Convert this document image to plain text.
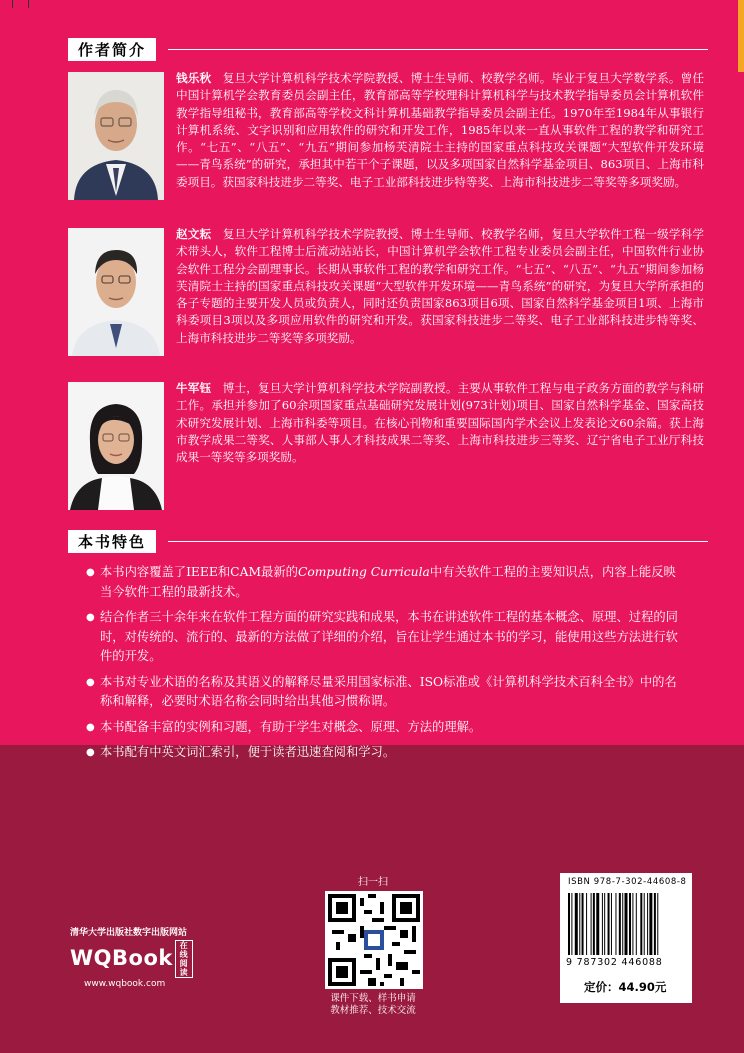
作者简介
钱乐秋 复旦大学计算机科学技术学院教授、博士生导师、校教学名师。毕业于复旦大学数学系。曾任中国计算机学会教育委员会副主任，教育部高等学校理科计算机科学与技术教学指导委员会计算机软件教学指导组秘书，教育部高等学校文科计算机基础教学指导委员会副主任。1970年至1984年从事银行计算机系统、文字识别和应用软件的研究和开发工作，1985年以来一直从事软件工程的教学和研究工作。“七五”、“八五”、“九五”期间参加杨芙清院士主持的国家重点科技攻关课题“大型软件开发环境——青鸟系统”的研究，承担其中若干个子课题，以及多项国家自然科学基金项目、863项目、上海市科委项目。获国家科技进步二等奖、电子工业部科技进步特等奖、上海市科技进步二等奖等多项奖励。
赵文耘 复旦大学计算机科学技术学院教授、博士生导师、校教学名师，复旦大学软件工程一级学科学术带头人，软件工程博士后流动站站长，中国计算机学会软件工程专业委员会副主任，中国软件行业协会软件工程分会副理事长。长期从事软件工程的教学和研究工作。“七五”、“八五”、“九五”期间参加杨芙清院士主持的国家重点科技攻关课题“大型软件开发环境——青鸟系统”的研究，为复旦大学所承担的各子专题的主要开发人员或负责人，同时还负责国家863项目6项、国家自然科学基金项目1项、上海市科委项目3项以及多项应用软件的研究和开发。获国家科技进步二等奖、电子工业部科技进步特等奖、上海市科技进步二等奖等多项奖励。
牛军钰 博士，复旦大学计算机科学技术学院副教授。主要从事软件工程与电子政务方面的教学与科研工作。承担并参加了60余项国家重点基础研究发展计划(973计划)项目、国家自然科学基金、国家高技术研究发展计划、上海市科委等项目。在核心刊物和重要国际国内学术会议上发表论文60余篇。获上海市教学成果二等奖、人事部人事人才科技成果二等奖、上海市科技进步三等奖、辽宁省电子工业厅科技成果一等奖等多项奖励。
本书特色
● 本书内容覆盖了IEEE和CAM最新的Computing Curricula中有关软件工程的主要知识点，内容上能反映当今软件工程的最新技术。
● 结合作者三十余年来在软件工程方面的研究实践和成果，本书在讲述软件工程的基本概念、原理、过程的同时，对传统的、流行的、最新的方法做了详细的介绍，旨在让学生通过本书的学习，能使用这些方法进行软件的开发。
● 本书对专业术语的名称及其语义的解释尽量采用国家标准、ISO标准或《计算机科学技术百科全书》中的名称和解释，必要时术语名称会同时给出其他习惯称谓。
● 本书配备丰富的实例和习题，有助于学生对概念、原理、方法的理解。
● 本书配有中英文词汇索引，便于读者迅速查阅和学习。
清华大学出版社数字出版网站
WQBook在线阅读
www.wqbook.com
扫一扫
课件下载、样书申请
教材推荐、技术交流
ISBN 978-7-302-44608-8
9 787302 446088
定价：44.90元
